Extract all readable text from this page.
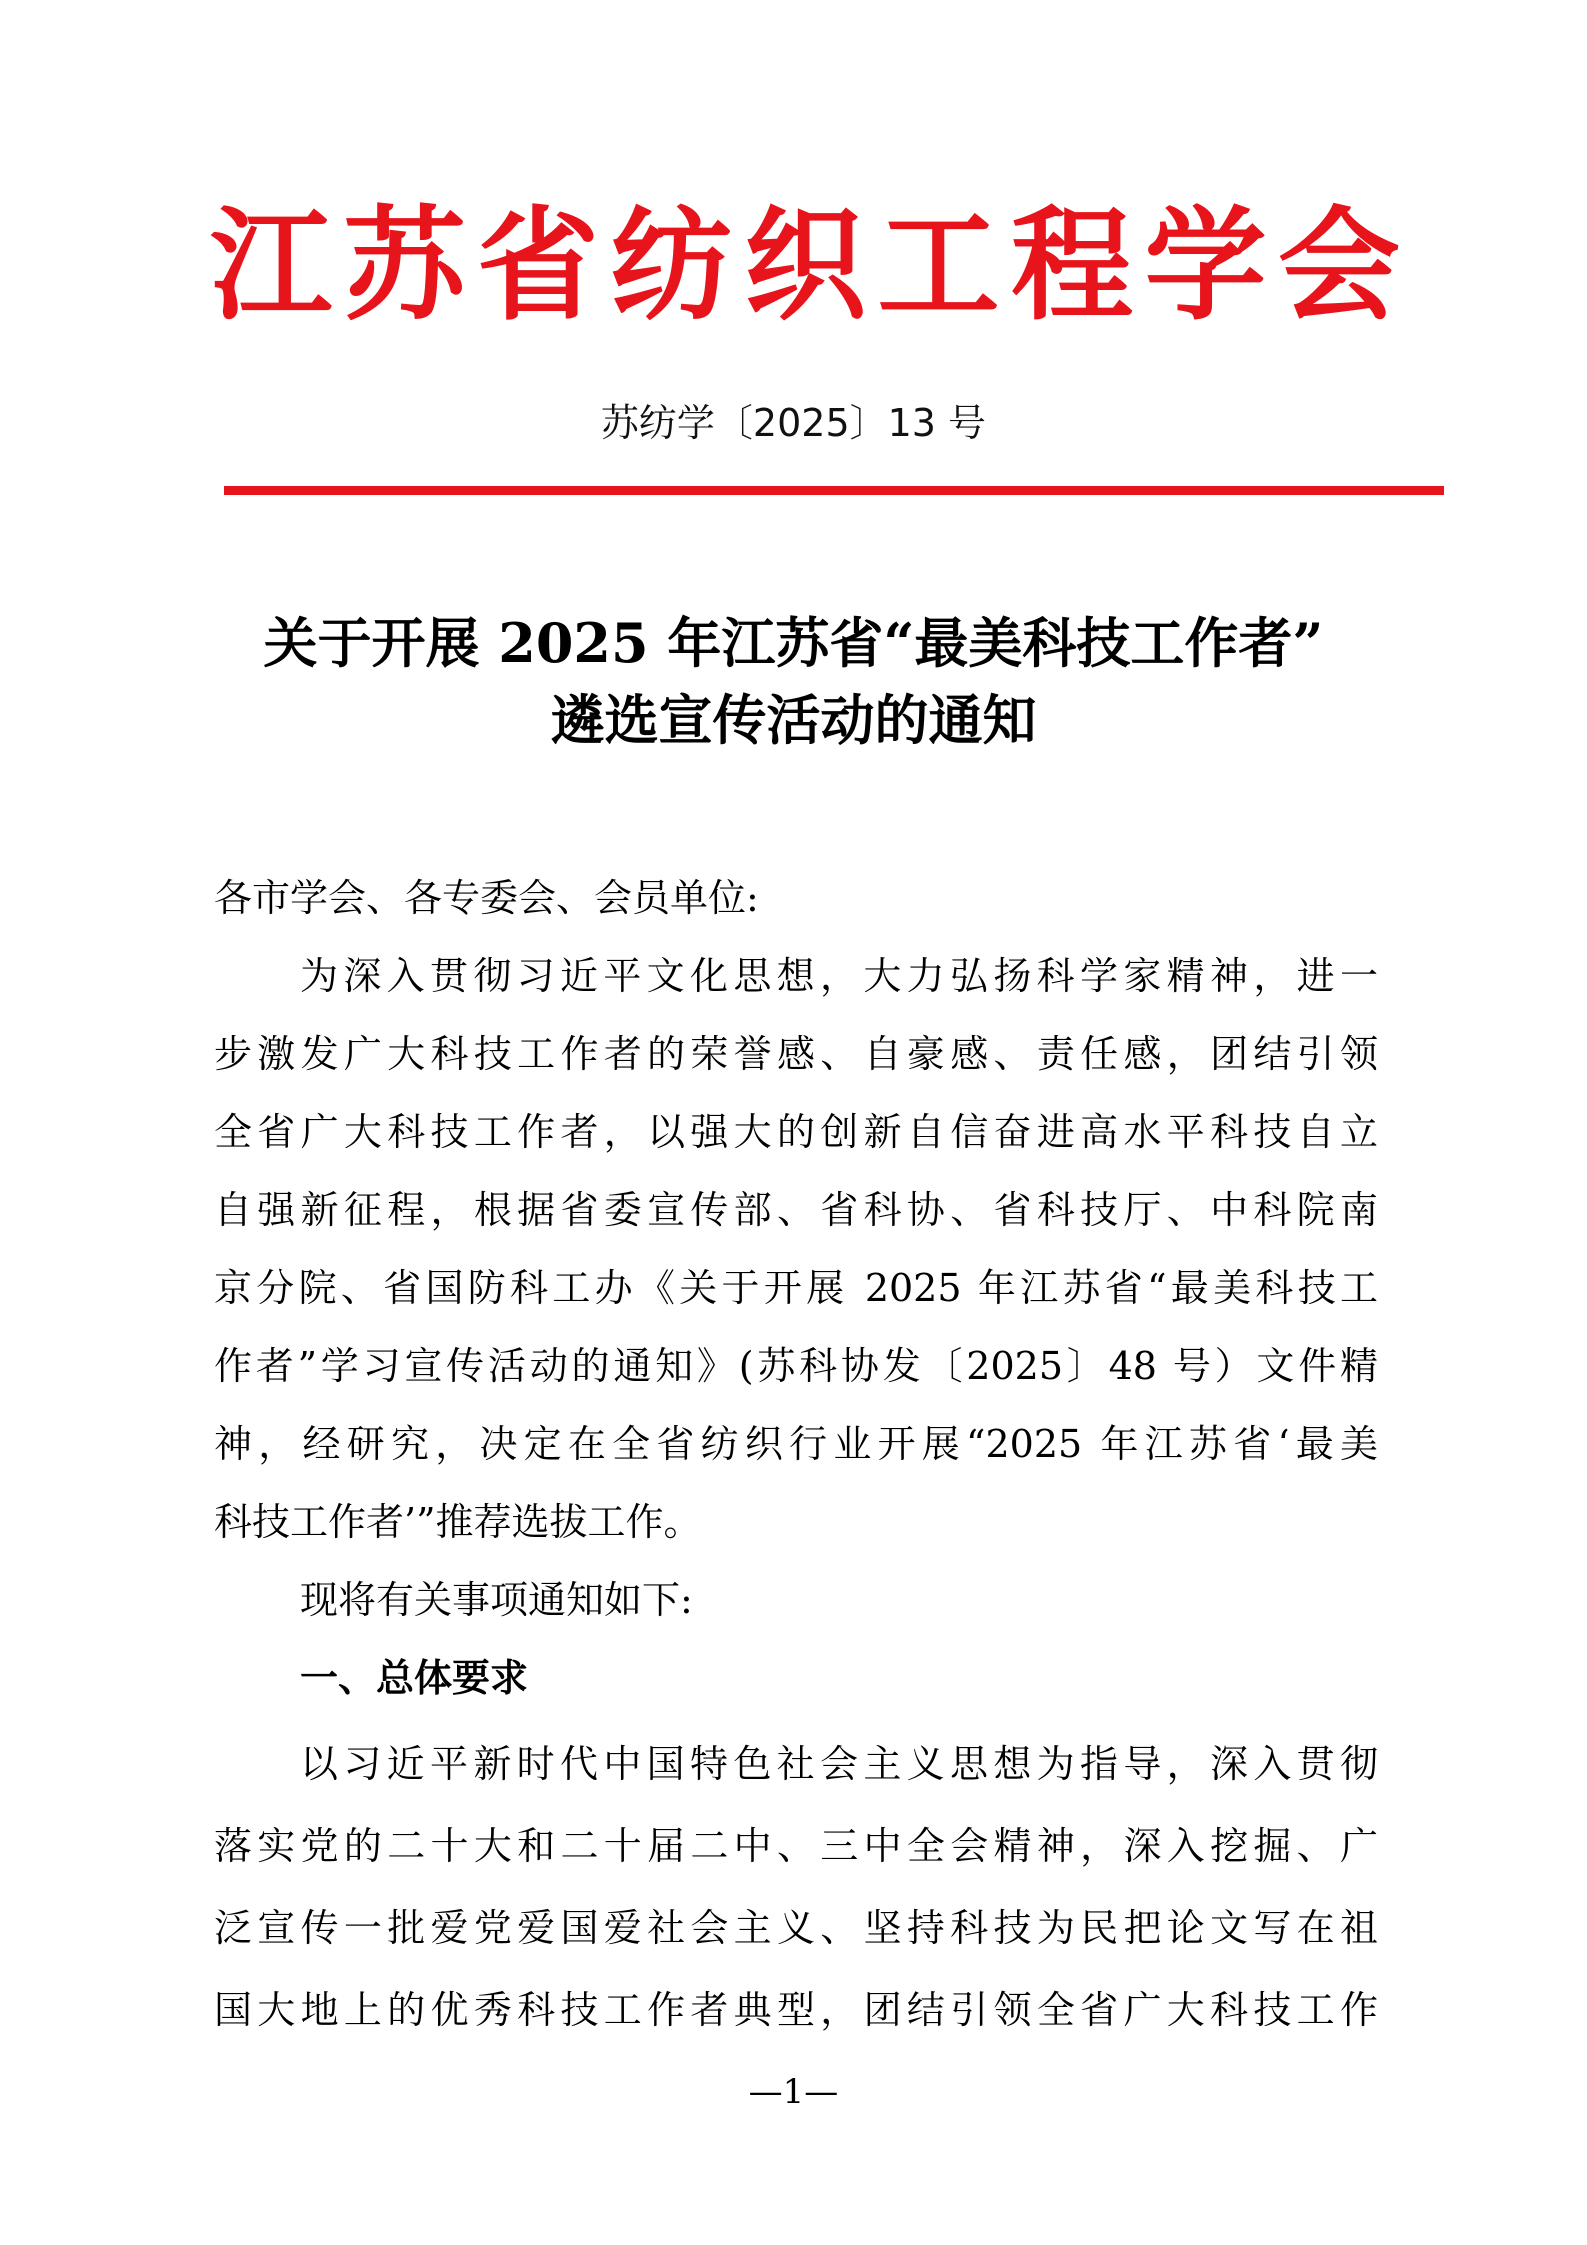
江苏省纺织工程学会
苏纺学〔2025〕13 号
关于开展 2025 年江苏省“最美科技工作者”
遴选宣传活动的通知
各市学会、各专委会、会员单位:
为深入贯彻习近平文化思想，大力弘扬科学家精神，进一
步激发广大科技工作者的荣誉感、自豪感、责任感，团结引领
全省广大科技工作者，以强大的创新自信奋进高水平科技自立
自强新征程，根据省委宣传部、省科协、省科技厅、中科院南
京分院、省国防科工办《关于开展 2025 年江苏省“最美科技工
作者”学习宣传活动的通知》(苏科协发〔2025〕48 号）文件精
神，经研究，决定在全省纺织行业开展“2025 年江苏省‘最美
科技工作者’”推荐选拔工作。
现将有关事项通知如下:
一、总体要求
以习近平新时代中国特色社会主义思想为指导，深入贯彻
落实党的二十大和二十届二中、三中全会精神，深入挖掘、广
泛宣传一批爱党爱国爱社会主义、坚持科技为民把论文写在祖
国大地上的优秀科技工作者典型，团结引领全省广大科技工作
—1—
